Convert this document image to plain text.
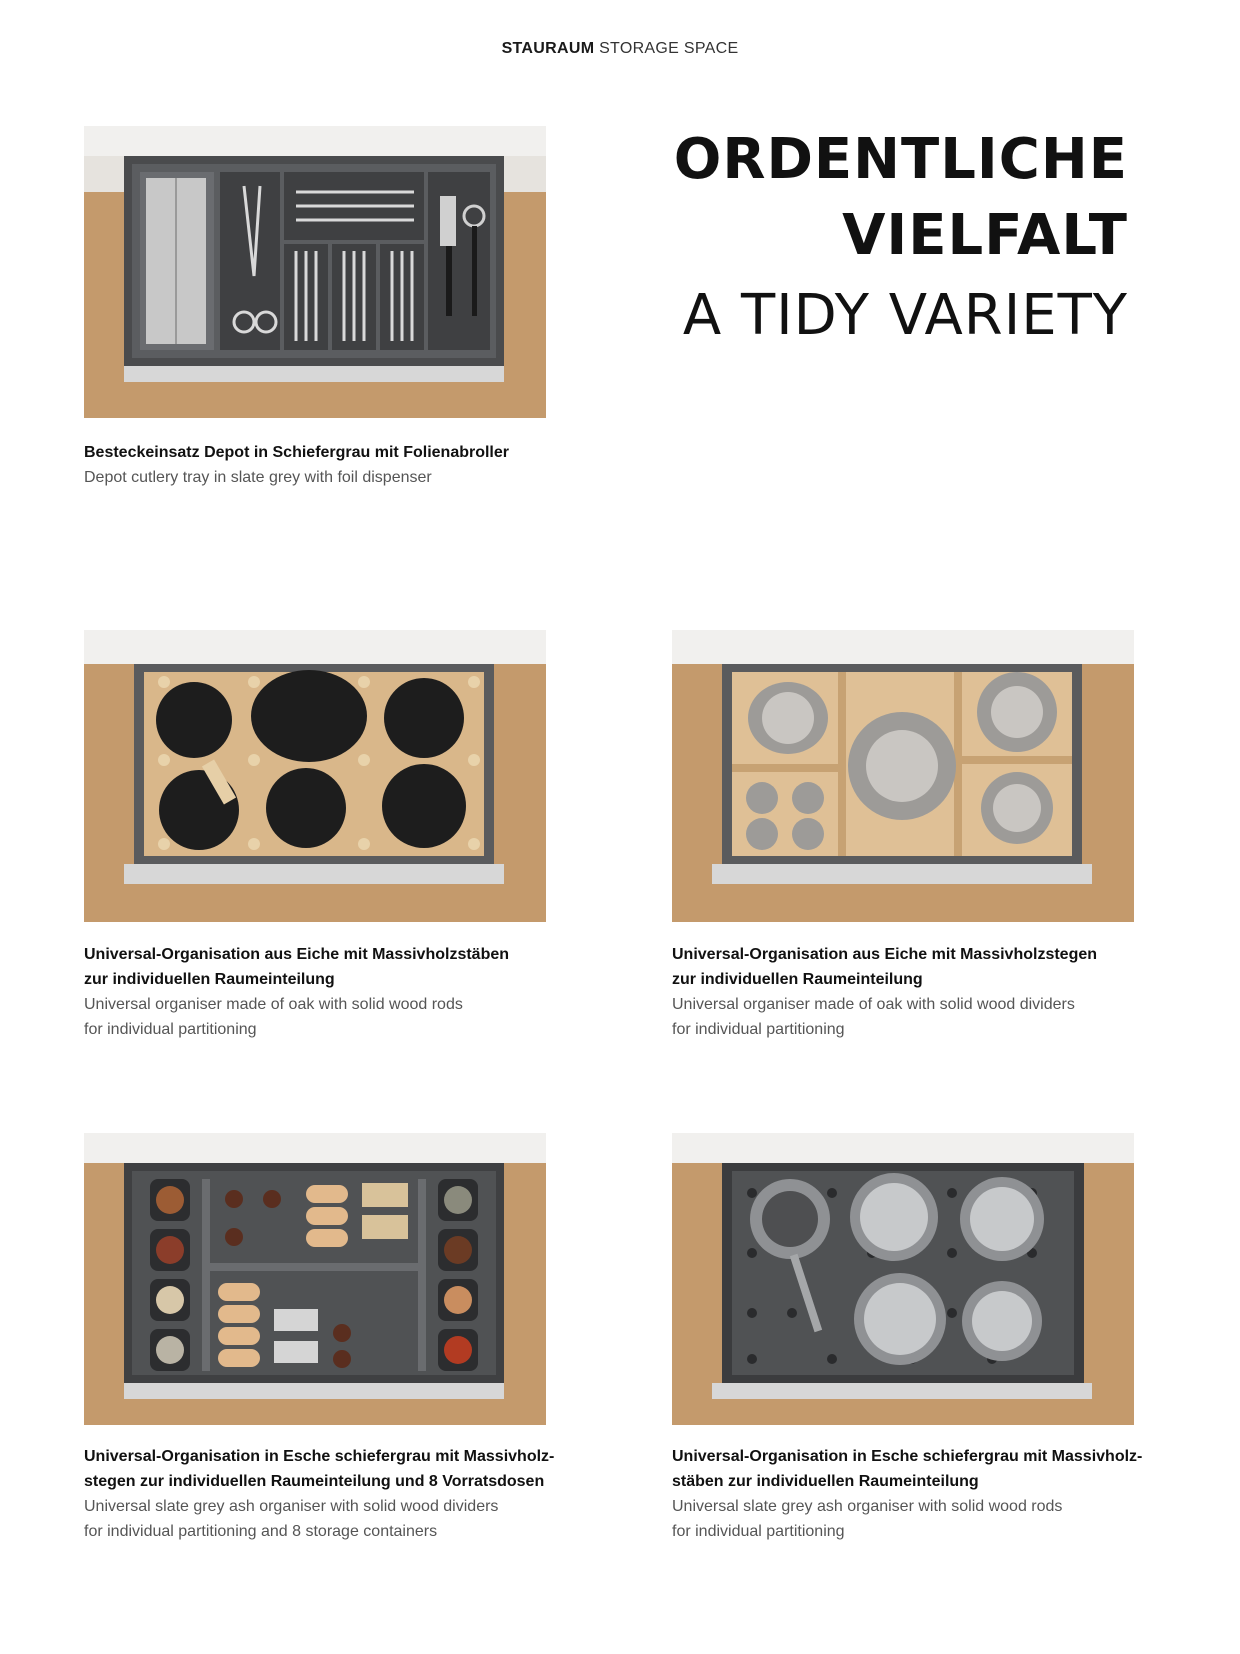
STAURAUM STORAGE SPACE
ORDENTLICHE
VIELFALT
A TIDY VARIETY
Besteckeinsatz Depot in Schiefergrau mit Folienabroller
Depot cutlery tray in slate grey with foil dispenser
Universal-Organisation aus Eiche mit Massivholzstäben
zur individuellen Raumeinteilung
Universal organiser made of oak with solid wood rods
for individual partitioning
Universal-Organisation aus Eiche mit Massivholzstegen
zur individuellen Raumeinteilung
Universal organiser made of oak with solid wood dividers
for individual partitioning
Universal-Organisation in Esche schiefergrau mit Massivholz-
stegen zur individuellen Raumeinteilung und 8 Vorratsdosen
Universal slate grey ash organiser with solid wood dividers
for individual partitioning and 8 storage containers
Universal-Organisation in Esche schiefergrau mit Massivholz-
stäben zur individuellen Raumeinteilung
Universal slate grey ash organiser with solid wood rods
for individual partitioning
